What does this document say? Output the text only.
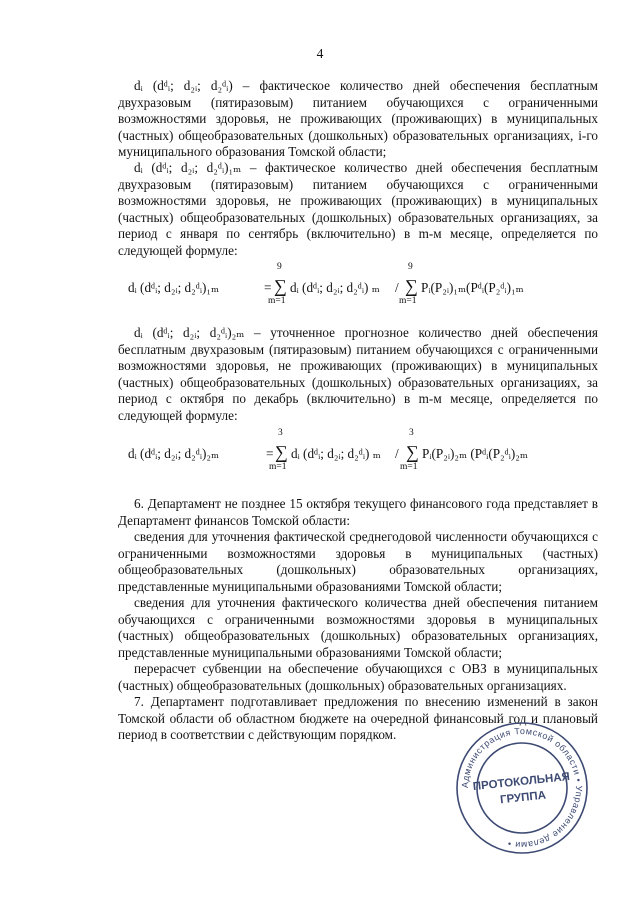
4

dᵢ (dᵈᵢ; d₂ᵢ; d₂ᵈᵢ) – фактическое количество дней обеспечения бесплатным двухразовым (пятиразовым) питанием обучающихся с ограниченными возможностями здоровья, не проживающих (проживающих) в муниципальных (частных) общеобразовательных (дошкольных) образовательных организациях, i-го муниципального образования Томской области;

dᵢ (dᵈᵢ; d₂ᵢ; d₂ᵈᵢ)₁ₘ – фактическое количество дней обеспечения бесплатным двухразовым (пятиразовым) питанием обучающихся с ограниченными возможностями здоровья, не проживающих (проживающих) в муниципальных (частных) общеобразовательных (дошкольных) образовательных организациях, за период с января по сентябрь (включительно) в m-м месяце, определяется по следующей формуле:

dᵢ (dᵈᵢ; d₂ᵢ; d₂ᵈᵢ)₁ₘ	=
9
∑
m=1
dᵢ (dᵈᵢ; d₂ᵢ; d₂ᵈᵢ) ₘ /
9
∑
m=1
Pᵢ(P₂ᵢ)₁ₘ(Pᵈᵢ(P₂ᵈᵢ)₁ₘ

dᵢ (dᵈᵢ; d₂ᵢ; d₂ᵈᵢ)₂ₘ – уточненное прогнозное количество дней обеспечения бесплатным двухразовым (пятиразовым) питанием обучающихся с ограниченными возможностями здоровья, не проживающих (проживающих) в муниципальных (частных) общеобразовательных (дошкольных) образовательных организациях, за период с октября по декабрь (включительно) в m-м месяце, определяется по следующей формуле:

dᵢ (dᵈᵢ; d₂ᵢ; d₂ᵈᵢ)₂ₘ	=
3
∑
m=1
dᵢ (dᵈᵢ; d₂ᵢ; d₂ᵈᵢ) ₘ /
3
∑
m=1
Pᵢ(P₂ᵢ)₂ₘ (Pᵈᵢ(P₂ᵈᵢ)₂ₘ

6. Департамент не позднее 15 октября текущего финансового года представляет в Департамент финансов Томской области:

сведения для уточнения фактической среднегодовой численности обучающихся с ограниченными возможностями здоровья в муниципальных (частных) общеобразовательных (дошкольных) образовательных организациях, представленные муниципальными образованиями Томской области;

сведения для уточнения фактического количества дней обеспечения питанием обучающихся с ограниченными возможностями здоровья в муниципальных (частных) общеобразовательных (дошкольных) образовательных организациях, представленные муниципальными образованиями Томской области;

перерасчет субвенции на обеспечение обучающихся с ОВЗ в муниципальных (частных) общеобразовательных (дошкольных) образовательных организациях.

7. Департамент подготавливает предложения по внесению изменений в закон Томской области об областном бюджете на очередной финансовый год и плановый период в соответствии с действующим порядком.

Администрация Томской области • Управление делами •
ПРОТОКОЛЬНАЯ
ГРУППА
